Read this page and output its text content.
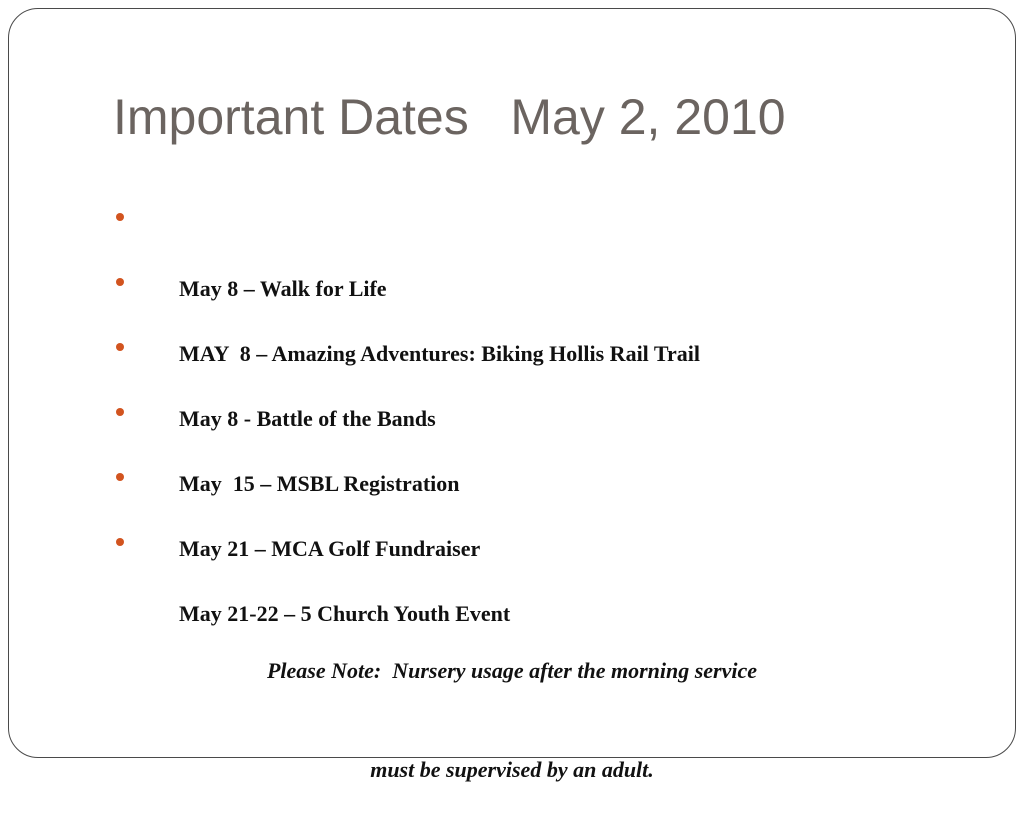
Important Dates   May 2, 2010

May 8 – Walk for Life

MAY  8 – Amazing Adventures: Biking Hollis Rail Trail

May 8 - Battle of the Bands

May  15 – MSBL Registration

May 21 – MCA Golf Fundraiser

May 21-22 – 5 Church Youth Event

Please Note:  Nursery usage after the morning service

must be supervised by an adult.
